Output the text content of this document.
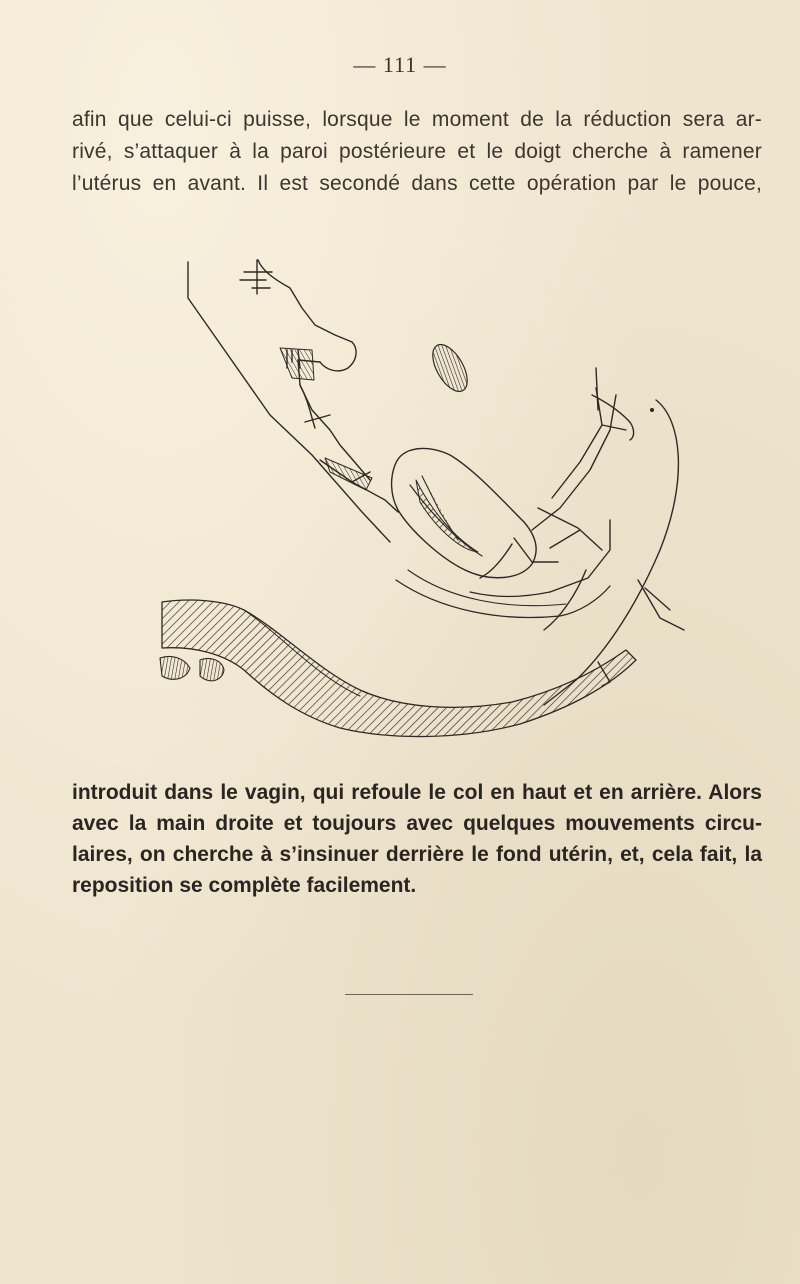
— 111 —

afin que celui-ci puisse, lorsque le moment de la réduction sera ar-
rivé, s’attaquer à la paroi postérieure et le doigt cherche à ramener
l’utérus en avant. Il est secondé dans cette opération par le pouce,

introduit dans le vagin, qui refoule le col en haut et en arrière. Alors
avec la main droite et toujours avec quelques mouvements circu-
laires, on cherche à s’insinuer derrière le fond utérin, et, cela fait, la
reposition se complète facilement.
